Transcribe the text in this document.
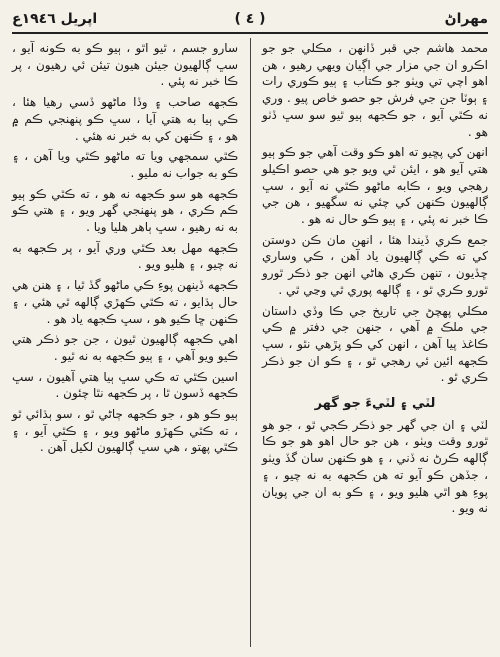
اپريل ١٩٤٦ع	( ٤ )	مهراڻ

محمد هاشم جي قبر ڏانهن ، مڪلي جو جو اڪرو ان جي مزار جي اڳيان ويهي رهيو ، هن اهو اچي تي ويٺو جو ڪتاب ۽ ٻيو ڪوري رات ۽ ٻوٽا جن جي فرش جو حصو خاص پيو . وري نه ڪٿي آيو ، جو ڪجهه ٻيو ٿيو سو سڀ ڏٺو هو .

انهن کي پڇيو ته اهو ڪو وقت آهي جو ڪو ٻيو هتي آيو هو ، ايئن ٿي ويو جو هي حصو اڪيلو رهجي ويو ، ڪابه ماڻهو ڪٿي نه آيو ، سڀ ڳالهيون ڪنهن کي چئي نه سگهيو ، هن جي ڪا خبر نه پئي ، ۽ ٻيو ڪو حال نه هو .

جمع ڪري ڏيندا هئا ، انهن مان ڪن دوستن کي ته ڪي ڳالهيون ياد آهن ، ڪي وساري ڇڏيون ، تنهن ڪري هاڻي انهن جو ذڪر ٿورو ٿورو ڪري ٿو ، ۽ ڳالهه پوري ٿي وڃي ٿي .

مڪلي پهچڻ جي تاريخ جي ڪا وڏي داستان جي ملڪ ۾ آهي ، جنهن جي دفتر ۾ ڪي ڪاغذ پيا آهن ، انهن کي ڪو پڙهي نٿو ، سڀ ڪجهه ائين ئي رهجي ٿو ، ۽ ڪو ان جو ذڪر ڪري ٿو .

لٽي ۽ لٽيءَ جو گهر

لٽي ۽ ان جي گهر جو ذڪر ڪجي ٿو ، جو هو ٿورو وقت ويٺو ، هن جو حال اهو هو جو ڪا ڳالهه ڪرڻ نه ڏني ، ۽ هو ڪنهن سان گڏ ويٺو ، جڏهن ڪو آيو ته هن ڪجهه به نه چيو ، ۽ پوءِ هو اٿي هليو ويو ، ۽ ڪو به ان جي پويان نه ويو .

سارو جسم ، ٿيو اٿو ، ٻيو ڪو به ڪونه آيو ، سڀ ڳالهيون جيئن هيون تيئن ئي رهيون ، پر ڪا خبر نه پئي .

ڪجهه صاحب ۽ وڏا ماڻهو ڏسي رهيا هئا ، ڪي ٻيا به هتي آيا ، سڀ ڪو پنهنجي ڪم ۾ هو ، ۽ ڪنهن کي به خبر نه هئي .

ڪٿي سمجهي ويا ته ماڻهو ڪٿي ويا آهن ، ۽ ڪو به جواب نه مليو .

ڪجهه هو سو ڪجهه نه هو ، ته ڪٿي ڪو ٻيو ڪم ڪري ، هو پنهنجي گهر ويو ، ۽ هتي ڪو به نه رهيو ، سڀ ٻاهر هليا ويا .

ڪجهه مهل بعد ڪٿي وري آيو ، پر ڪجهه به نه چيو ، ۽ هليو ويو .

ڪجهه ڏينهن پوءِ ڪي ماڻهو گڏ ٿيا ، ۽ هنن هي حال ٻڌايو ، ته ڪٿي ڪهڙي ڳالهه ٿي هئي ، ۽ ڪنهن ڇا ڪيو هو ، سڀ ڪجهه ياد هو .

اهي ڪجهه ڳالهيون ٿيون ، جن جو ذڪر هتي ڪيو ويو آهي ، ۽ ٻيو ڪجهه به نه ٿيو .

اسين ڪٿي ته ڪي سڀ ٻيا هتي آهيون ، سڀ ڪجهه ڏسون ٿا ، پر ڪجهه نٿا چئون .

ٻيو ڪو هو ، جو ڪجهه ڄاڻي ٿو ، سو ٻڌائي ٿو ، ته ڪٿي ڪهڙو ماڻهو ويو ، ۽ ڪٿي آيو ، ۽ ڪٿي پهتو ، هي سڀ ڳالهيون لکيل آهن .
